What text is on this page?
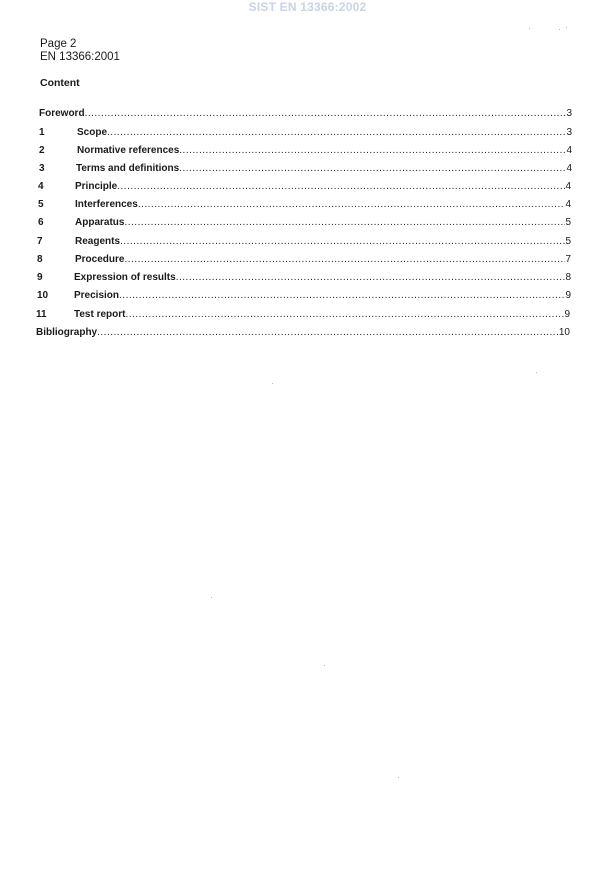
SIST EN 13366:2002
Page 2
EN 13366:2001
Content
Foreword .....	3
1	Scope .....	3
2	Normative references .....	4
3	Terms and definitions .....	4
4	Principle .....	4
5	Interferences .....	4
6	Apparatus .....	5
7	Reagents .....	5
8	Procedure .....	7
9	Expression of results .....	8
10	Precision .....	9
11	Test report .....	9
Bibliography .....	10
